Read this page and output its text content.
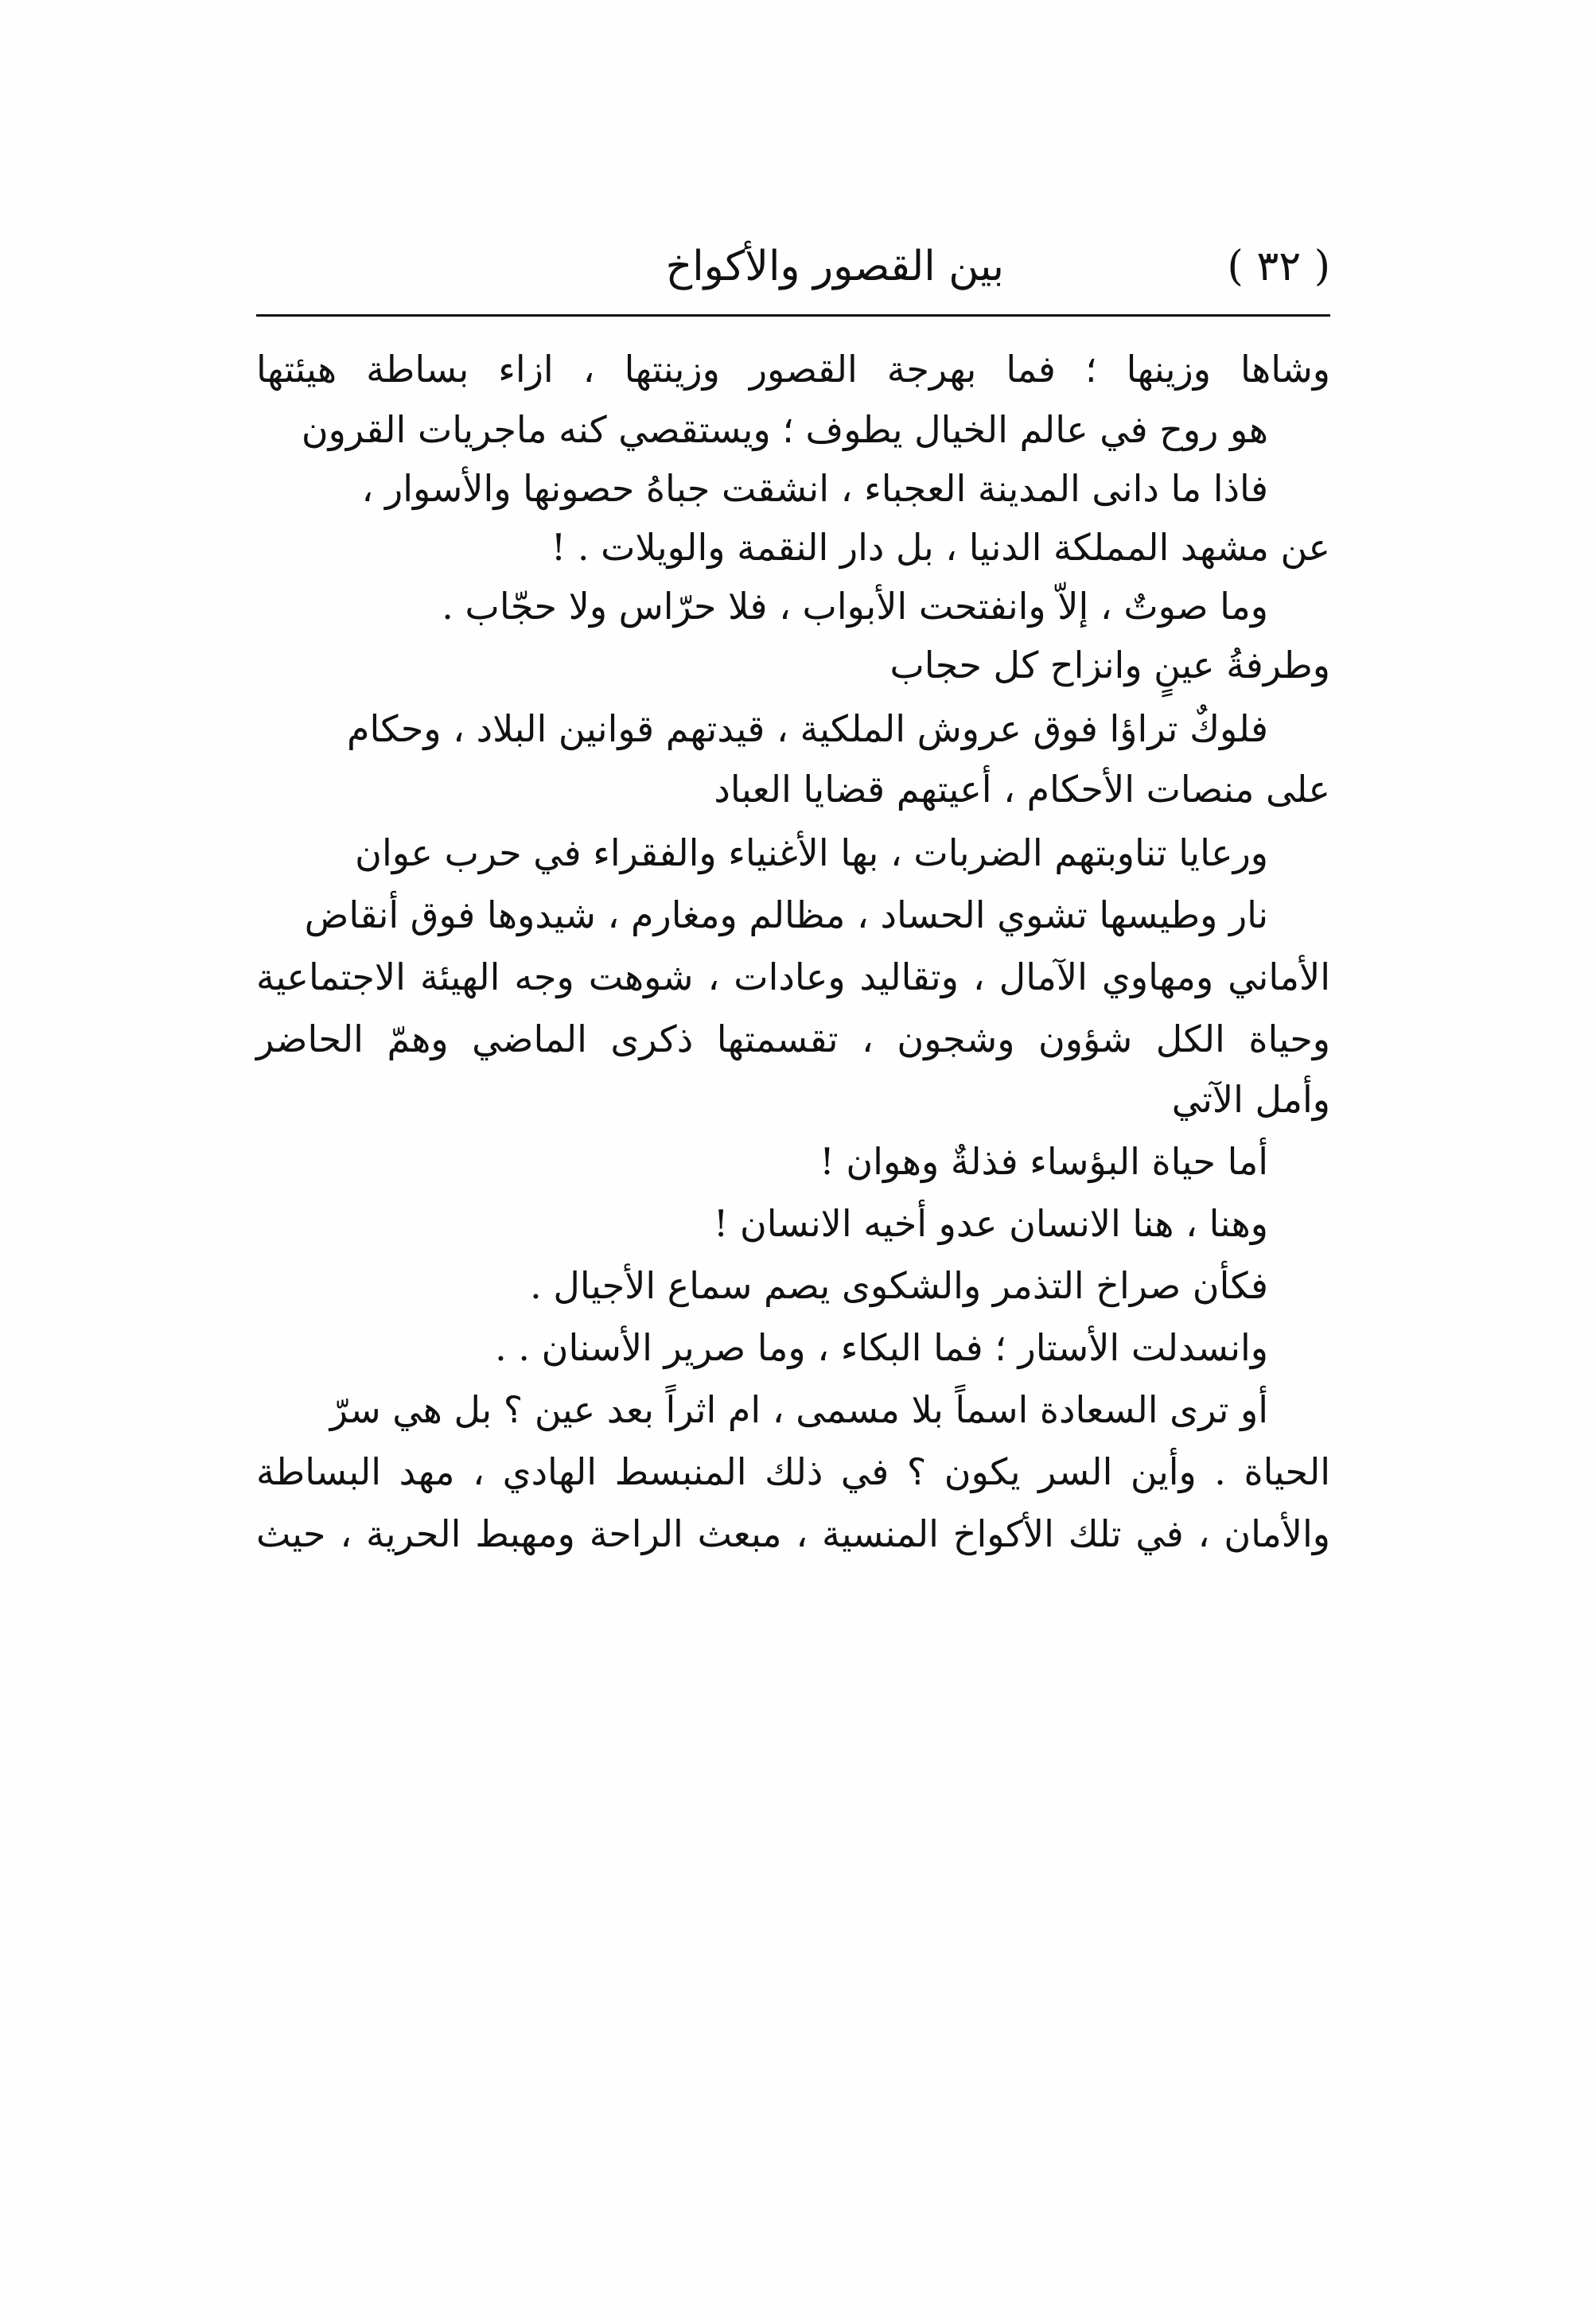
( ٣٢ )
بين القصور والأكواخ
وشاها وزينها ؛ فما بهرجة القصور وزينتها ، ازاء بساطة هيئتها
هو روح في عالم الخيال يطوف ؛ ويستقصي كنه ماجريات القرون
فاذا ما دانى المدينة العجباء ، انشقت جباهُ حصونها والأسوار ،
عن مشهد المملكة الدنيا ، بل دار النقمة والويلات . !
وما صوتٌ ، إلاّ وانفتحت الأبواب ، فلا حرّاس ولا حجّاب .
وطرفةُ عينٍ وانزاح كل حجاب
فلوكٌ تراؤا فوق عروش الملكية ، قيدتهم قوانين البلاد ، وحكام
على منصات الأحكام ، أعيتهم قضايا العباد
ورعايا تناوبتهم الضربات ، بها الأغنياء والفقراء في حرب عوان
نار وطيسها تشوي الحساد ، مظالم ومغارم ، شيدوها فوق أنقاض
الأماني ومهاوي الآمال ، وتقاليد وعادات ، شوهت وجه الهيئة الاجتماعية
وحياة الكل شؤون وشجون ، تقسمتها ذكرى الماضي وهمّ الحاضر
وأمل الآتي
أما حياة البؤساء فذلةٌ وهوان !
وهنا ، هنا الانسان عدو أخيه الانسان !
فكأن صراخ التذمر والشكوى يصم سماع الأجيال .
وانسدلت الأستار ؛ فما البكاء ، وما صرير الأسنان . .
أو ترى السعادة اسماً بلا مسمى ، ام اثراً بعد عين ؟ بل هي سرّ
الحياة . وأين السر يكون ؟ في ذلك المنبسط الهادي ، مهد البساطة
والأمان ، في تلك الأكواخ المنسية ، مبعث الراحة ومهبط الحرية ، حيث
